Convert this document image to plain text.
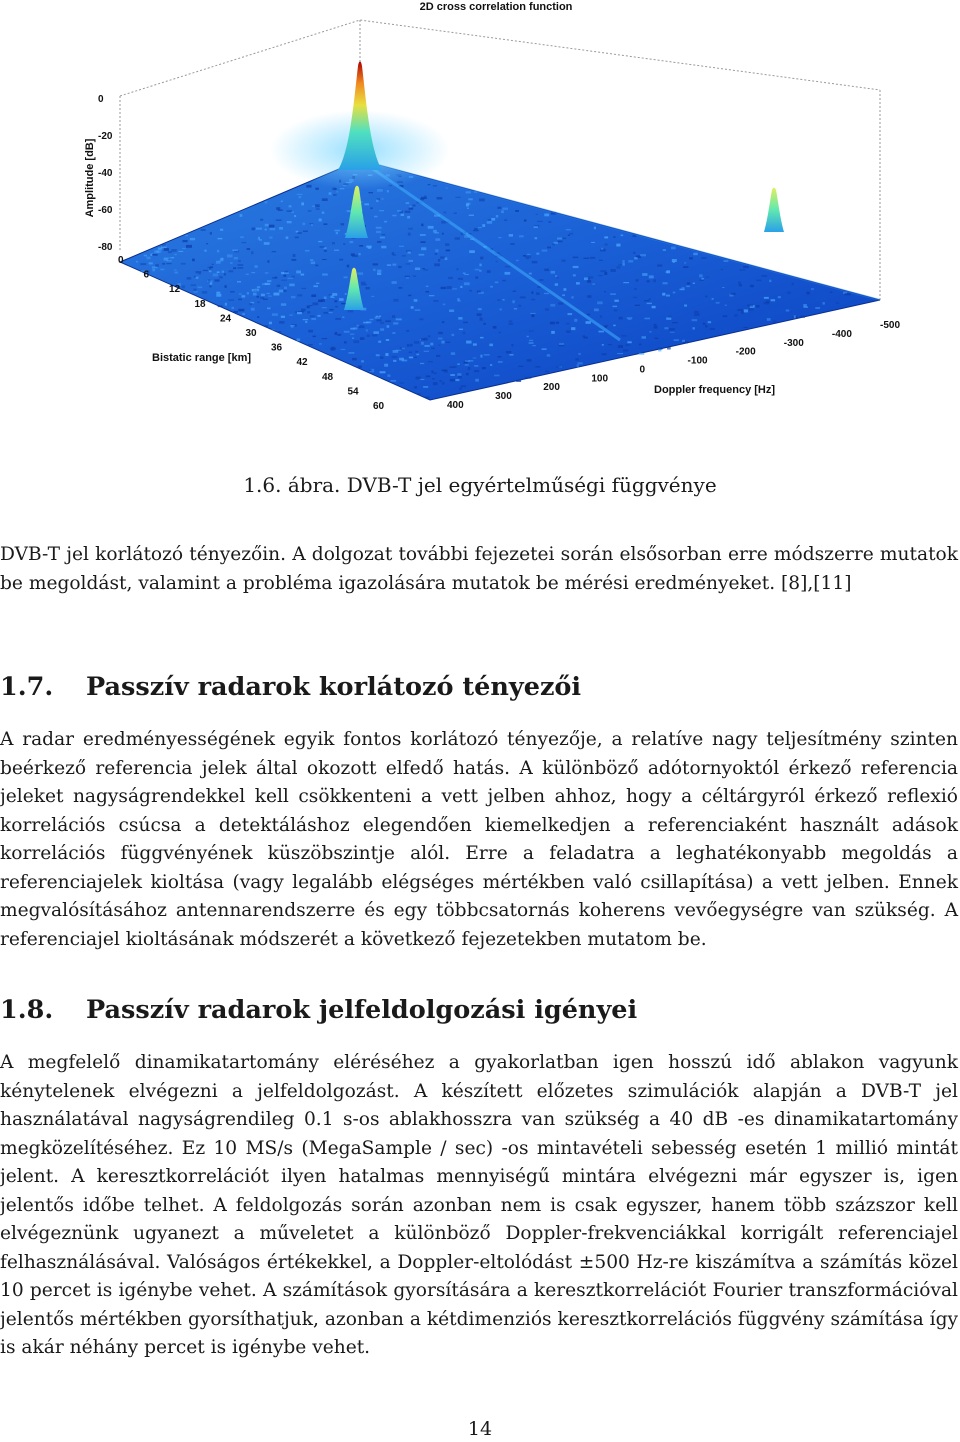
2D cross correlation function
Amplitude [dB]
0
-20
-40
-60
-80
0
6
12
18
24
30
36
42
48
54
60	400
300
200
100
0
-100
-200
-300
-400
-500
Bistatic range [km]
Doppler frequency [Hz]
1.6. ábra. DVB-T jel egyértelműségi függvénye
DVB-T jel korlátozó tényezőin. A dolgozat további fejezetei során elsősorban erre módszerre mutatok be megoldást, valamint a probléma igazolására mutatok be mérési eredményeket. [8],[11]
1.7. Passzív radarok korlátozó tényezői
A radar eredményességének egyik fontos korlátozó tényezője, a relatíve nagy teljesítmény szinten beérkező referencia jelek által okozott elfedő hatás. A különböző adótornyoktól érkező referencia jeleket nagyságrendekkel kell csökkenteni a vett jelben ahhoz, hogy a céltárgyról érkező reflexió korrelációs csúcsa a detektáláshoz elegendően kiemelkedjen a referenciaként használt adások korrelációs függvényének küszöbszintje alól. Erre a feladatra a leghatékonyabb megoldás a referenciajelek kioltása (vagy legalább elégséges mértékben való csillapítása) a vett jelben. Ennek megvalósításához antennarendszerre és egy többcsatornás koherens vevőegységre van szükség. A referenciajel kioltásának módszerét a következő fejezetekben mutatom be.
1.8. Passzív radarok jelfeldolgozási igényei
A megfelelő dinamikatartomány eléréséhez a gyakorlatban igen hosszú idő ablakon vagyunk kénytelenek elvégezni a jelfeldolgozást. A készített előzetes szimulációk alapján a DVB-T jel használatával nagyságrendileg 0.1 s-os ablakhosszra van szükség a 40 dB -es dinamikatartomány megközelítéséhez. Ez 10 MS/s (MegaSample / sec) -os mintavételi sebesség esetén 1 millió mintát jelent. A keresztkorrelációt ilyen hatalmas mennyiségű mintára elvégezni már egyszer is, igen jelentős időbe telhet. A feldolgozás során azonban nem is csak egyszer, hanem több százszor kell elvégeznünk ugyanezt a műveletet a különböző Doppler-frekvenciákkal korrigált referenciajel felhasználásával. Valóságos értékekkel, a Doppler-eltolódást ±500 Hz-re kiszámítva a számítás közel 10 percet is igénybe vehet. A számítások gyorsítására a keresztkorrelációt Fourier transzformációval jelentős mértékben gyorsíthatjuk, azonban a kétdimenziós keresztkorrelációs függvény számítása így is akár néhány percet is igénybe vehet.
14
